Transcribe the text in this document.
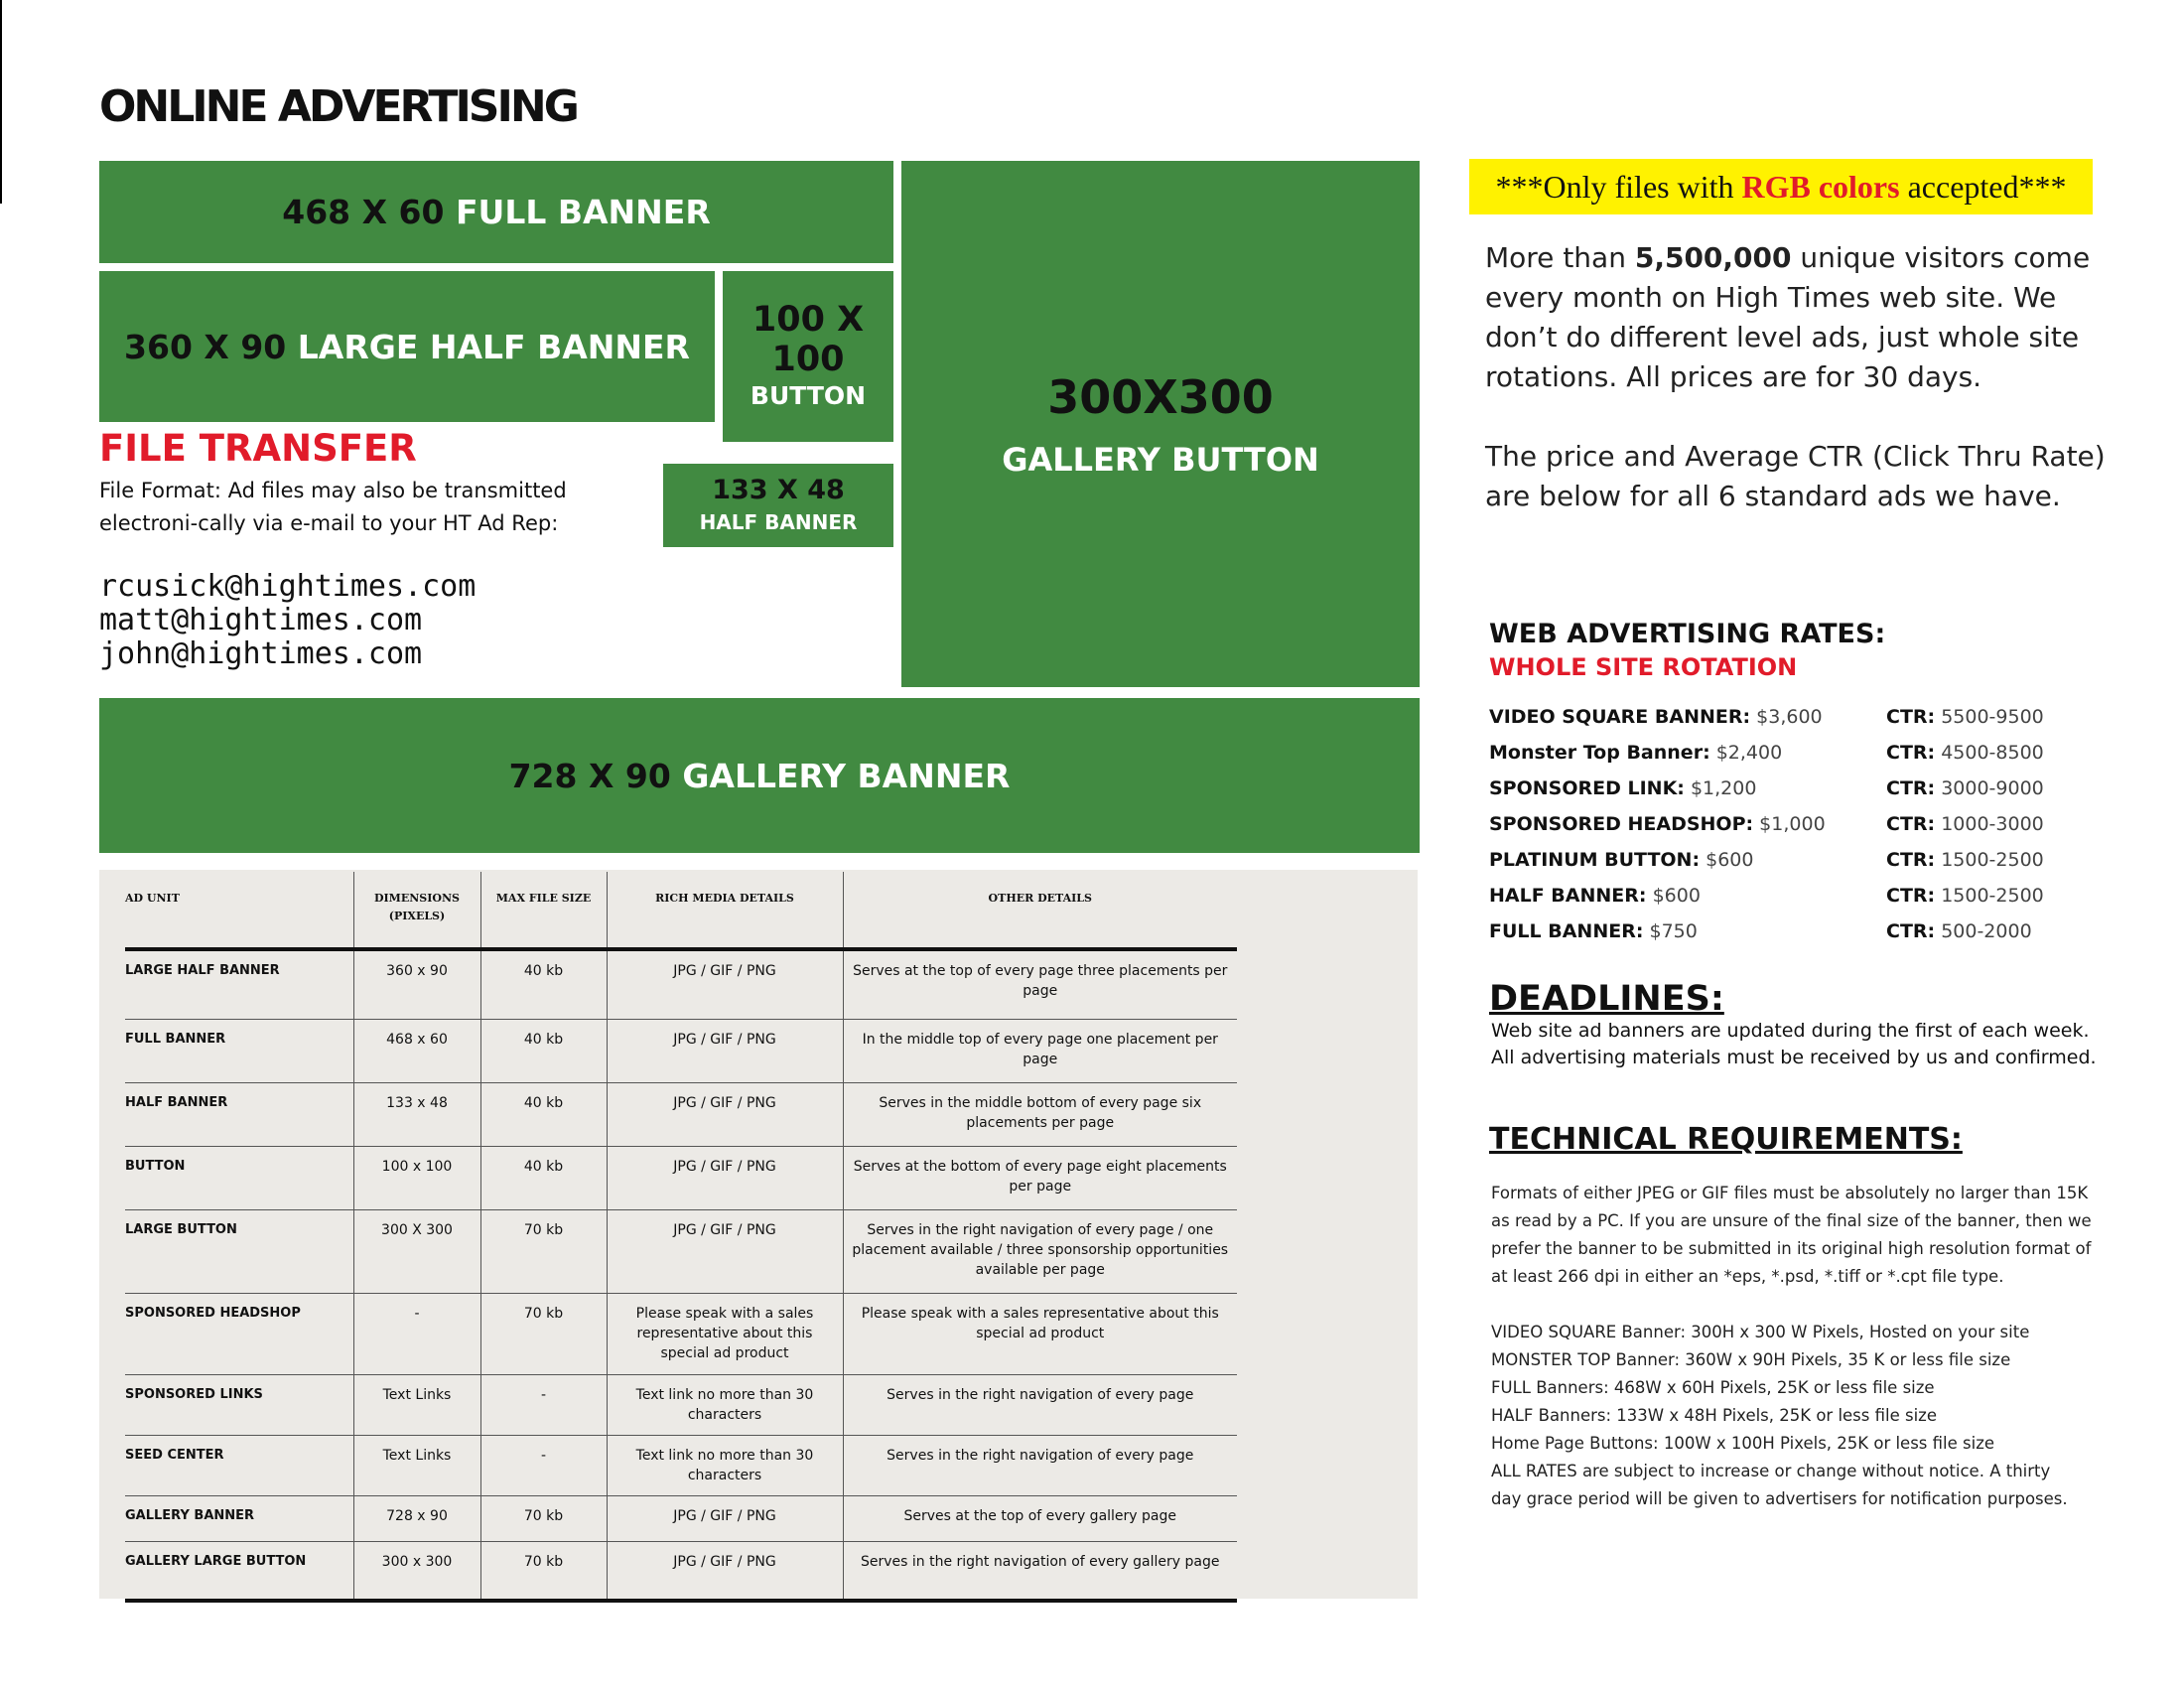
ONLINE ADVERTISING
468 X 60 FULL BANNER
360 X 90 LARGE HALF BANNER
100 X 100
BUTTON
133 X 48
HALF BANNER
300X300
GALLERY BUTTON
728 X 90 GALLERY BANNER
FILE TRANSFER
File Format: Ad files may also be transmitted electroni-cally via e-mail to your HT Ad Rep:
rcusick@hightimes.com
matt@hightimes.com
john@hightimes.com
***Only files with RGB colors accepted***

More than 5,500,000 unique visitors come every month on High Times web site. We don’t do different level ads, just whole site rotations. All prices are for 30 days.

The price and Average CTR (Click Thru Rate) are below for all 6 standard ads we have.

WEB ADVERTISING RATES:
WHOLE SITE ROTATION
VIDEO SQUARE BANNER: $3,600	CTR: 5500-9500
Monster Top Banner: $2,400	CTR: 4500-8500
SPONSORED LINK: $1,200	CTR: 3000-9000
SPONSORED HEADSHOP: $1,000	CTR: 1000-3000
PLATINUM BUTTON: $600	CTR: 1500-2500
HALF BANNER: $600	CTR: 1500-2500
FULL BANNER: $750	CTR: 500-2000
DEADLINES:
Web site ad banners are updated during the first of each week.
All advertising materials must be received by us and confirmed.
TECHNICAL REQUIREMENTS:
Formats of either JPEG or GIF files must be absolutely no larger than 15K
as read by a PC. If you are unsure of the final size of the banner, then we
prefer the banner to be submitted in its original high resolution format of
at least 266 dpi in either an *eps, *.psd, *.tiff or *.cpt file type.
VIDEO SQUARE Banner: 300H x 300 W Pixels, Hosted on your site
MONSTER TOP Banner: 360W x 90H Pixels, 35 K or less file size
FULL Banners: 468W x 60H Pixels, 25K or less file size
HALF Banners: 133W x 48H Pixels, 25K or less file size
Home Page Buttons: 100W x 100H Pixels, 25K or less file size
ALL RATES are subject to increase or change without notice. A thirty
day grace period will be given to advertisers for notification purposes.
AD UNIT	DIMENSIONS (PIXELS)	MAX FILE SIZE	RICH MEDIA DETAILS	OTHER DETAILS
LARGE HALF BANNER	360 x 90	40 kb	JPG / GIF / PNG	Serves at the top of every page three placements per page
FULL BANNER	468 x 60	40 kb	JPG / GIF / PNG	In the middle top of every page one placement per page
HALF BANNER	133 x 48	40 kb	JPG / GIF / PNG	Serves in the middle bottom of every page six placements per page
BUTTON	100 x 100	40 kb	JPG / GIF / PNG	Serves at the bottom of every page eight placements per page
LARGE BUTTON	300 X 300	70 kb	JPG / GIF / PNG	Serves in the right navigation of every page / one placement available / three sponsorship opportunities available per page
SPONSORED HEADSHOP	-	70 kb	Please speak with a sales representative about this special ad product	Please speak with a sales representative about this special ad product
SPONSORED LINKS	Text Links	-	Text link no more than 30 characters	Serves in the right navigation of every page
SEED CENTER	Text Links	-	Text link no more than 30 characters	Serves in the right navigation of every page
GALLERY BANNER	728 x 90	70 kb	JPG / GIF / PNG	Serves at the top of every gallery page
GALLERY LARGE BUTTON	300 x 300	70 kb	JPG / GIF / PNG	Serves in the right navigation of every gallery page
